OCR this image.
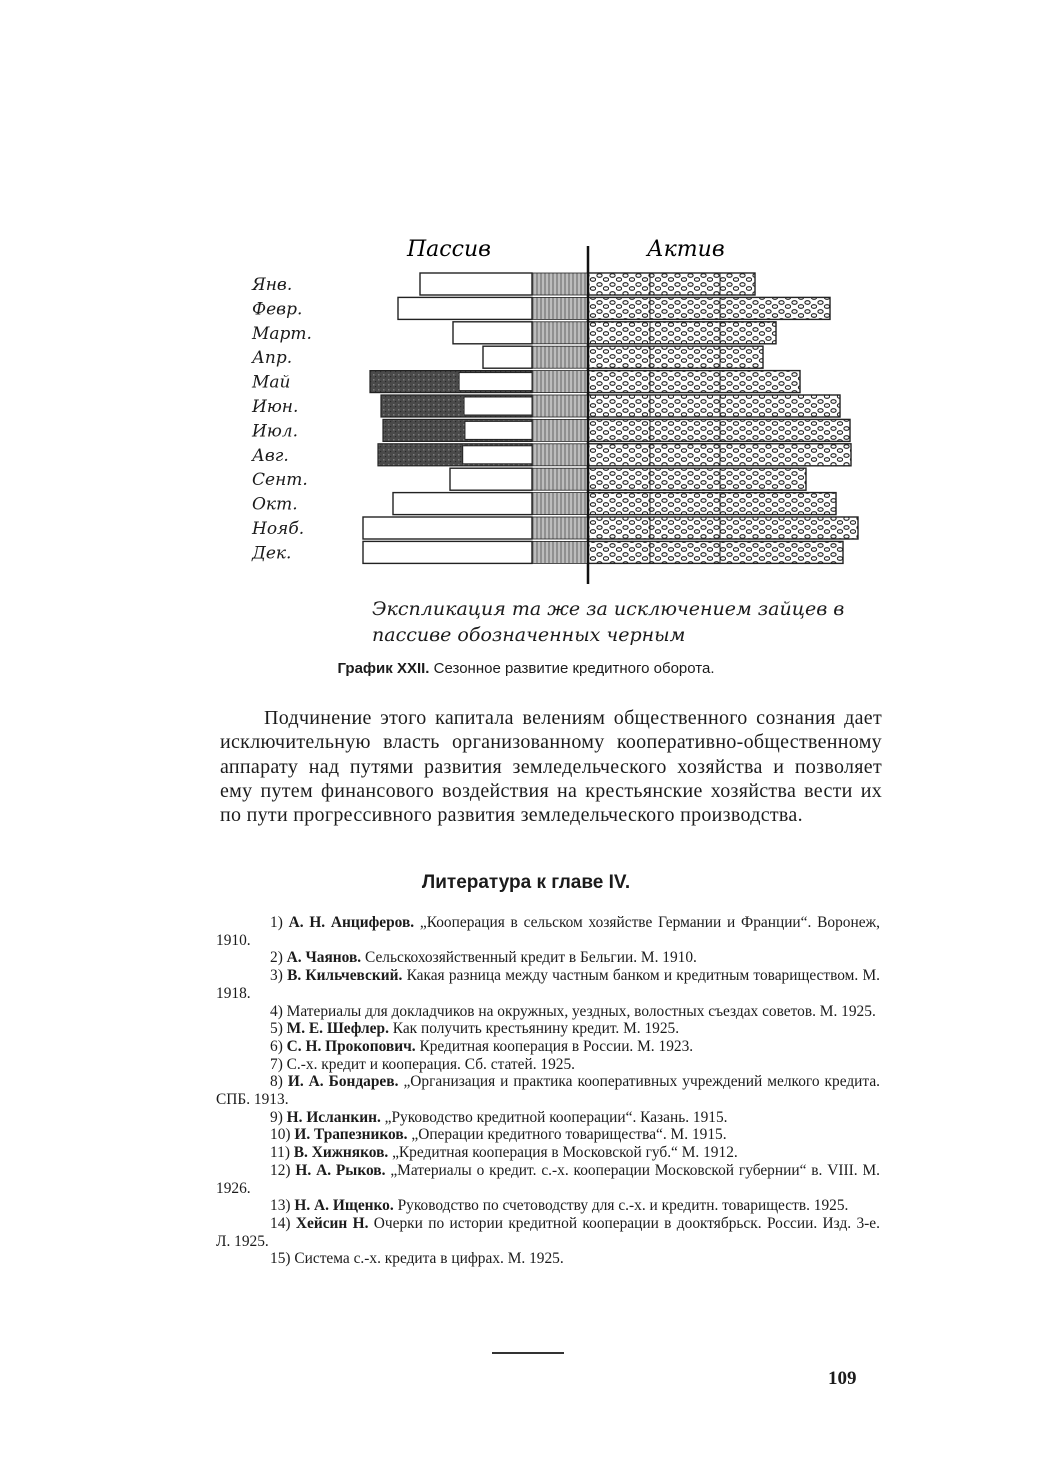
Пассив	Актив
Янв.
Февр.
Март.
Апр.
Май
Июн.
Июл.
Авг.
Сент.
Окт.
Нояб.
Дек.
Экспликация та же за исключением зайцев в пассиве обозначенных черным
График XXII. Сезонное развитие кредитного оборота.

Подчинение этого капитала велениям общественного сознания дает исключительную власть организованному кооперативно-общественному аппарату над путями развития земледельческого хозяйства и позволяет ему путем финансового воздействия на крестьянские хозяйства вести их по пути прогрессивного развития земледельческого производства.

Литература к главе IV.
1) А. Н. Анциферов. „Кооперация в сельском хозяйстве Германии и Франции“. Воронеж, 1910.
2) А. Чаянов. Сельскохозяйственный кредит в Бельгии. М. 1910.
3) В. Кильчевский. Какая разница между частным банком и кредитным товариществом. М. 1918.
4) Материалы для докладчиков на окружных, уездных, волостных съездах советов. М. 1925.
5) М. Е. Шефлер. Как получить крестьянину кредит. М. 1925.
6) С. Н. Прокопович. Кредитная кооперация в России. М. 1923.
7) С.-х. кредит и кооперация. Сб. статей. 1925.
8) И. А. Бондарев. „Организация и практика кооперативных учреждений мелкого кредита. СПБ. 1913.
9) Н. Исланкин. „Руководство кредитной кооперации“. Казань. 1915.
10) И. Трапезников. „Операции кредитного товарищества“. М. 1915.
11) В. Хижняков. „Кредитная кооперация в Московской губ.“ М. 1912.
12) Н. А. Рыков. „Материалы о кредит. с.-х. кооперации Московской губернии“ в. VIII. М. 1926.
13) Н. А. Ищенко. Руководство по счетоводству для с.-х. и кредитн. товариществ. 1925.
14) Хейсин Н. Очерки по истории кредитной кооперации в дооктябрьск. России. Изд. 3-е. Л. 1925.
15) Система с.-х. кредита в цифрах. М. 1925.
109
